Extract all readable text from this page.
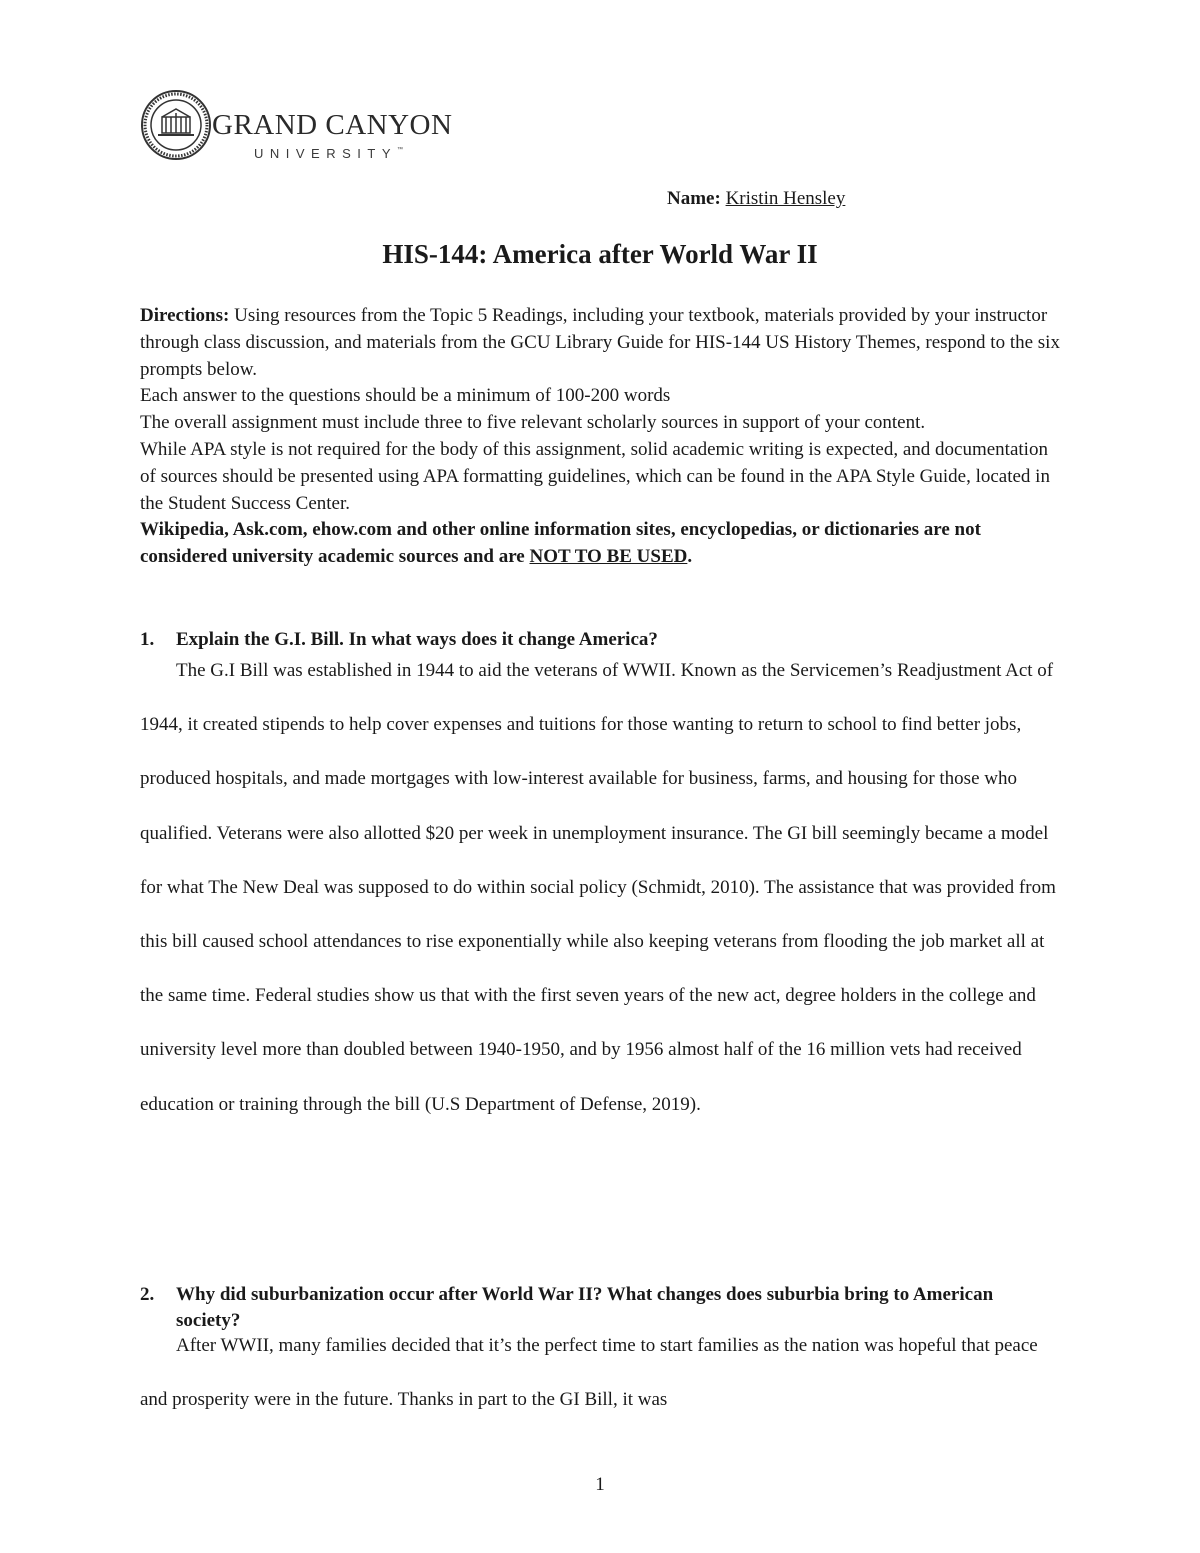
GRAND CANYON
UNIVERSITY™
Name: Kristin Hensley
HIS-144: America after World War II

Directions: Using resources from the Topic 5 Readings, including your textbook, materials provided by your instructor through class discussion, and materials from the GCU Library Guide for HIS-144 US History Themes, respond to the six prompts below.

Each answer to the questions should be a minimum of 100-200 words

The overall assignment must include three to five relevant scholarly sources in support of your content.

While APA style is not required for the body of this assignment, solid academic writing is expected, and documentation of sources should be presented using APA formatting guidelines, which can be found in the APA Style Guide, located in the Student Success Center.

Wikipedia, Ask.com, ehow.com and other online information sites, encyclopedias, or dictionaries are not considered university academic sources and are NOT TO BE USED.

1.	Explain the G.I. Bill. In what ways does it change America?

The G.I Bill was established in 1944 to aid the veterans of WWII. Known as the Servicemen’s Readjustment Act of 1944, it created stipends to help cover expenses and tuitions for those wanting to return to school to find better jobs, produced hospitals, and made mortgages with low-interest available for business, farms, and housing for those who qualified. Veterans were also allotted $20 per week in unemployment insurance. The GI bill seemingly became a model for what The New Deal was supposed to do within social policy (Schmidt, 2010). The assistance that was provided from this bill caused school attendances to rise exponentially while also keeping veterans from flooding the job market all at the same time. Federal studies show us that with the first seven years of the new act, degree holders in the college and university level more than doubled between 1940-1950, and by 1956 almost half of the 16 million vets had received education or training through the bill (U.S Department of Defense, 2019).

2.	Why did suburbanization occur after World War II? What changes does suburbia bring to American society?

After WWII, many families decided that it’s the perfect time to start families as the nation was hopeful that peace and prosperity were in the future. Thanks in part to the GI Bill, it was

1
